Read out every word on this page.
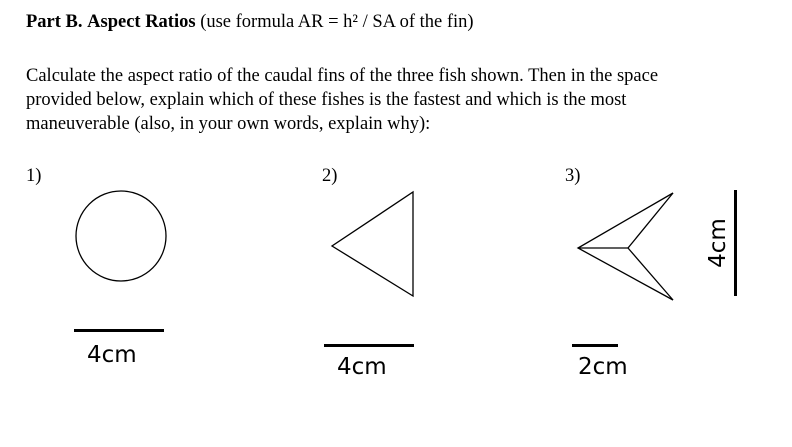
Part B. Aspect Ratios (use formula AR = h² / SA of the fin)
Calculate the aspect ratio of the caudal fins of the three fish shown. Then in the space
provided below, explain which of these fishes is the fastest and which is the most
maneuverable (also, in your own words, explain why):
1)
4cm
2)
4cm
3)
2cm
4cm
